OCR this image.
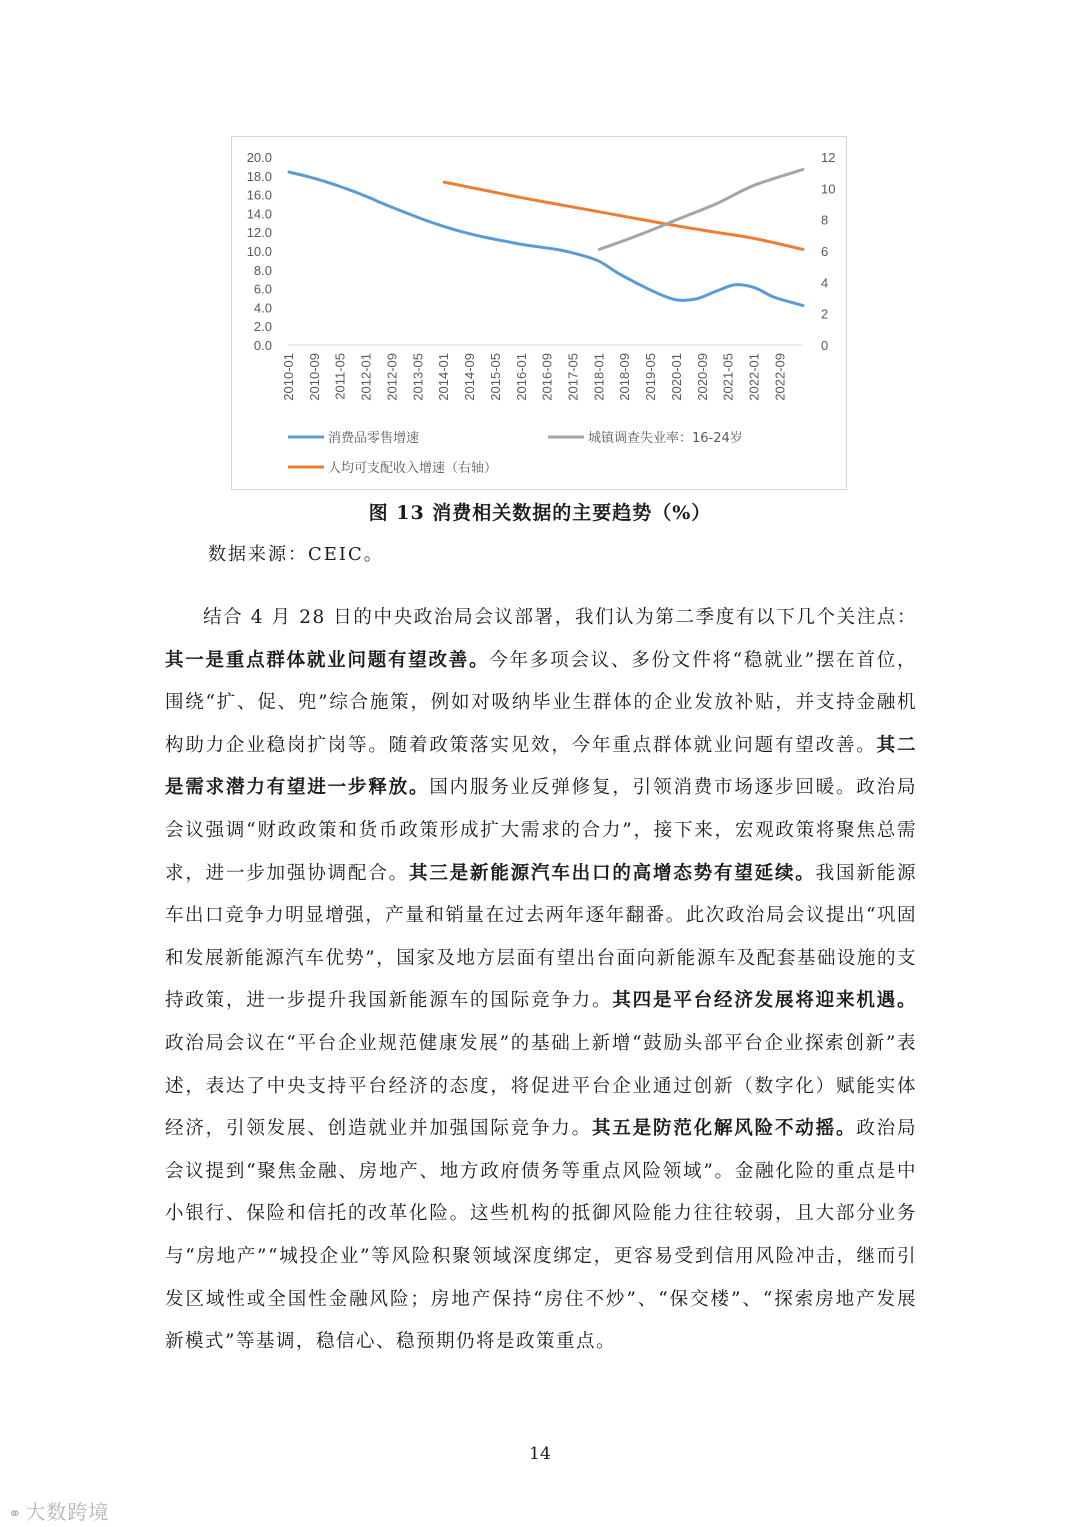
0.0
2.0
4.0
6.0
8.0
10.0
12.0
14.0
16.0
18.0
20.0
0
2
4
6
8
10
12
2010-01 2010-09 2011-05 2012-01 2012-09 2013-05 2014-01 2014-09 2015-05 2016-01 2016-09 2017-05 2018-01 2018-09 2019-05 2020-01 2020-09 2021-05 2022-01 2022-09
消费品零售增速	城镇调查失业率：16-24岁
人均可支配收入增速（右轴）
图 13 消费相关数据的主要趋势（%）
数据来源：CEIC。
结合 4 月 28 日的中央政治局会议部署，我们认为第二季度有以下几个关注点：其一是重点群体就业问题有望改善。今年多项会议、多份文件将“稳就业”摆在首位，围绕“扩、促、兜”综合施策，例如对吸纳毕业生群体的企业发放补贴，并支持金融机构助力企业稳岗扩岗等。随着政策落实见效，今年重点群体就业问题有望改善。其二是需求潜力有望进一步释放。国内服务业反弹修复，引领消费市场逐步回暖。政治局会议强调“财政政策和货币政策形成扩大需求的合力”，接下来，宏观政策将聚焦总需求，进一步加强协调配合。其三是新能源汽车出口的高增态势有望延续。我国新能源车出口竞争力明显增强，产量和销量在过去两年逐年翻番。此次政治局会议提出“巩固和发展新能源汽车优势”，国家及地方层面有望出台面向新能源车及配套基础设施的支持政策，进一步提升我国新能源车的国际竞争力。其四是平台经济发展将迎来机遇。政治局会议在“平台企业规范健康发展”的基础上新增“鼓励头部平台企业探索创新”表述，表达了中央支持平台经济的态度，将促进平台企业通过创新（数字化）赋能实体经济，引领发展、创造就业并加强国际竞争力。其五是防范化解风险不动摇。政治局会议提到“聚焦金融、房地产、地方政府债务等重点风险领域”。金融化险的重点是中小银行、保险和信托的改革化险。这些机构的抵御风险能力往往较弱，且大部分业务与“房地产”“城投企业”等风险积聚领域深度绑定，更容易受到信用风险冲击，继而引发区域性或全国性金融风险；房地产保持“房住不炒”、“保交楼”、“探索房地产发展新模式”等基调，稳信心、稳预期仍将是政策重点。
14
⚭ 大数跨境
